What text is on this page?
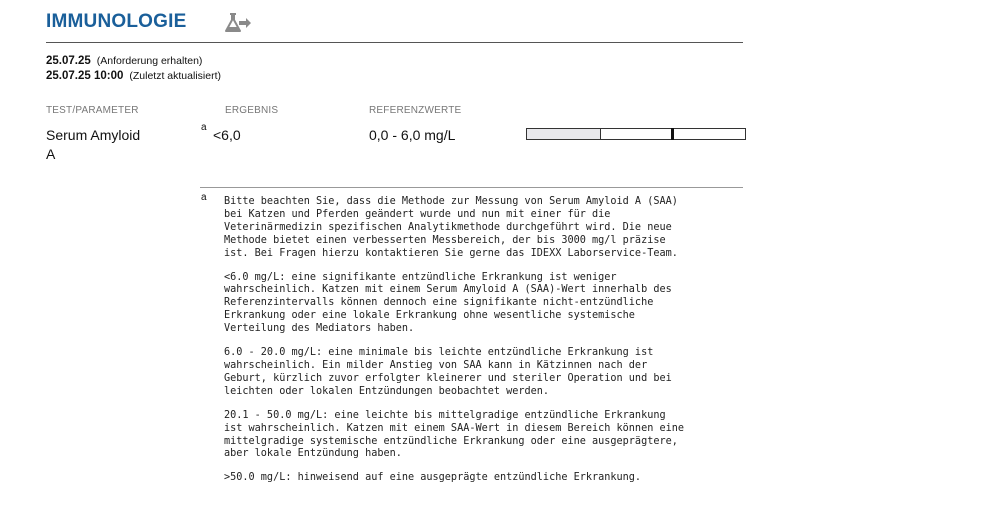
IMMUNOLOGIE
25.07.25 (Anforderung erhalten)
25.07.25 10:00 (Zuletzt aktualisiert)
TEST/PARAMETER	ERGEBNIS	REFERENZWERTE
Serum Amyloid
A
a <6,0	0,0 - 6,0 mg/L
a Bitte beachten Sie, dass die Methode zur Messung von Serum Amyloid A (SAA)
bei Katzen und Pferden geändert wurde und nun mit einer für die
Veterinärmedizin spezifischen Analytikmethode durchgeführt wird. Die neue
Methode bietet einen verbesserten Messbereich, der bis 3000 mg/l präzise
ist. Bei Fragen hierzu kontaktieren Sie gerne das IDEXX Laborservice-Team.

<6.0 mg/L: eine signifikante entzündliche Erkrankung ist weniger
wahrscheinlich. Katzen mit einem Serum Amyloid A (SAA)-Wert innerhalb des
Referenzintervalls können dennoch eine signifikante nicht-entzündliche
Erkrankung oder eine lokale Erkrankung ohne wesentliche systemische
Verteilung des Mediators haben.

6.0 - 20.0 mg/L: eine minimale bis leichte entzündliche Erkrankung ist
wahrscheinlich. Ein milder Anstieg von SAA kann in Kätzinnen nach der
Geburt, kürzlich zuvor erfolgter kleinerer und steriler Operation und bei
leichten oder lokalen Entzündungen beobachtet werden.

20.1 - 50.0 mg/L: eine leichte bis mittelgradige entzündliche Erkrankung
ist wahrscheinlich. Katzen mit einem SAA-Wert in diesem Bereich können eine
mittelgradige systemische entzündliche Erkrankung oder eine ausgeprägtere,
aber lokale Entzündung haben.

>50.0 mg/L: hinweisend auf eine ausgeprägte entzündliche Erkrankung.
